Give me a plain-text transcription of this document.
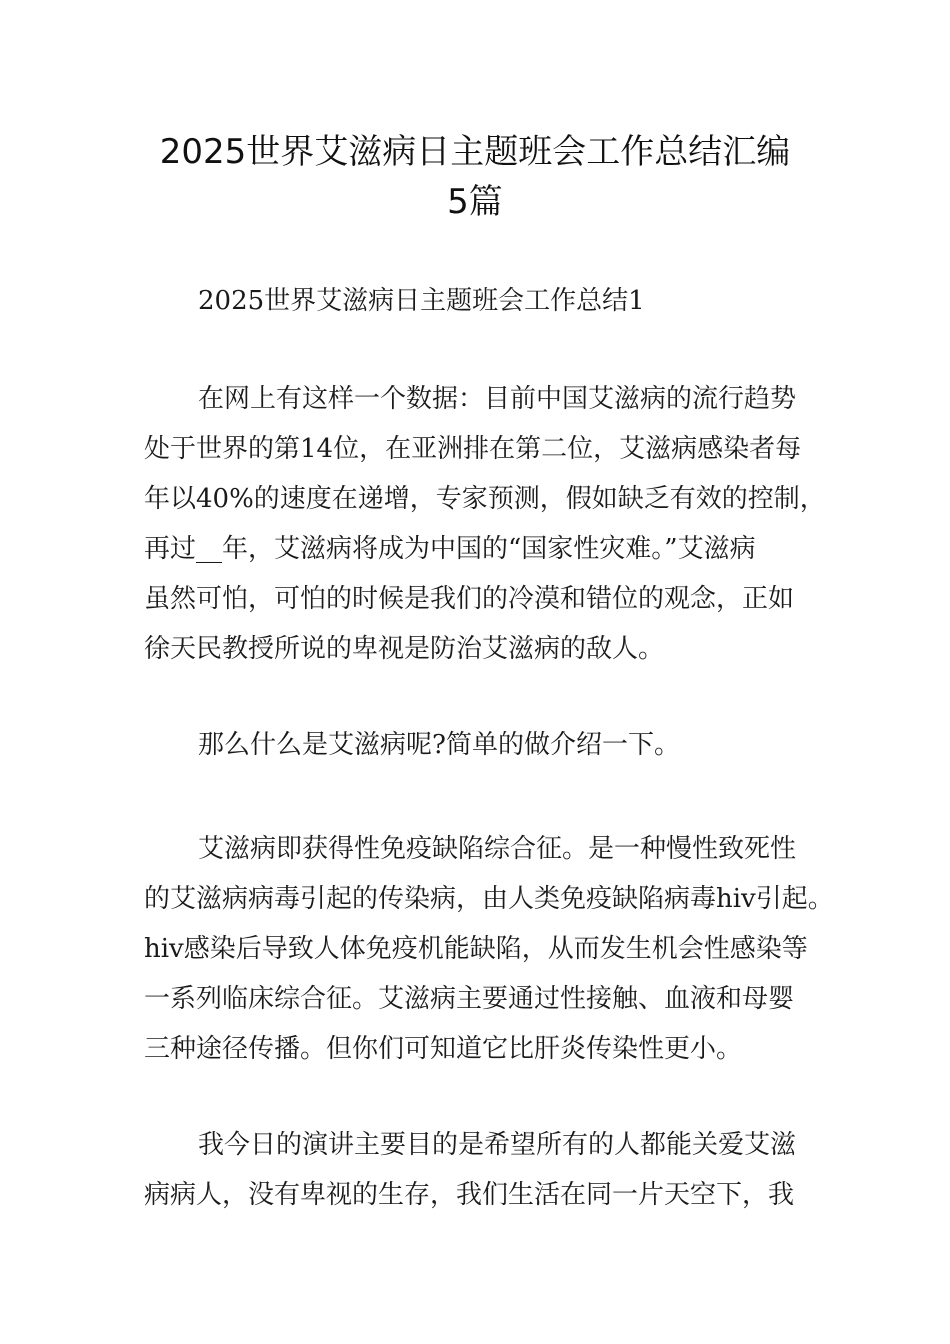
2025世界艾滋病日主题班会工作总结汇编
5篇
2025世界艾滋病日主题班会工作总结1
在网上有这样一个数据：目前中国艾滋病的流行趋势
处于世界的第14位，在亚洲排在第二位，艾滋病感染者每
年以40%的速度在递增，专家预测，假如缺乏有效的控制，
再过__年，艾滋病将成为中国的“国家性灾难。”艾滋病
虽然可怕，可怕的时候是我们的冷漠和错位的观念，正如
徐天民教授所说的卑视是防治艾滋病的敌人。
那么什么是艾滋病呢?简单的做介绍一下。
艾滋病即获得性免疫缺陷综合征。是一种慢性致死性
的艾滋病病毒引起的传染病，由人类免疫缺陷病毒hiv引起。
hiv感染后导致人体免疫机能缺陷，从而发生机会性感染等
一系列临床综合征。艾滋病主要通过性接触、血液和母婴
三种途径传播。但你们可知道它比肝炎传染性更小。
我今日的演讲主要目的是希望所有的人都能关爱艾滋
病病人，没有卑视的生存，我们生活在同一片天空下，我
